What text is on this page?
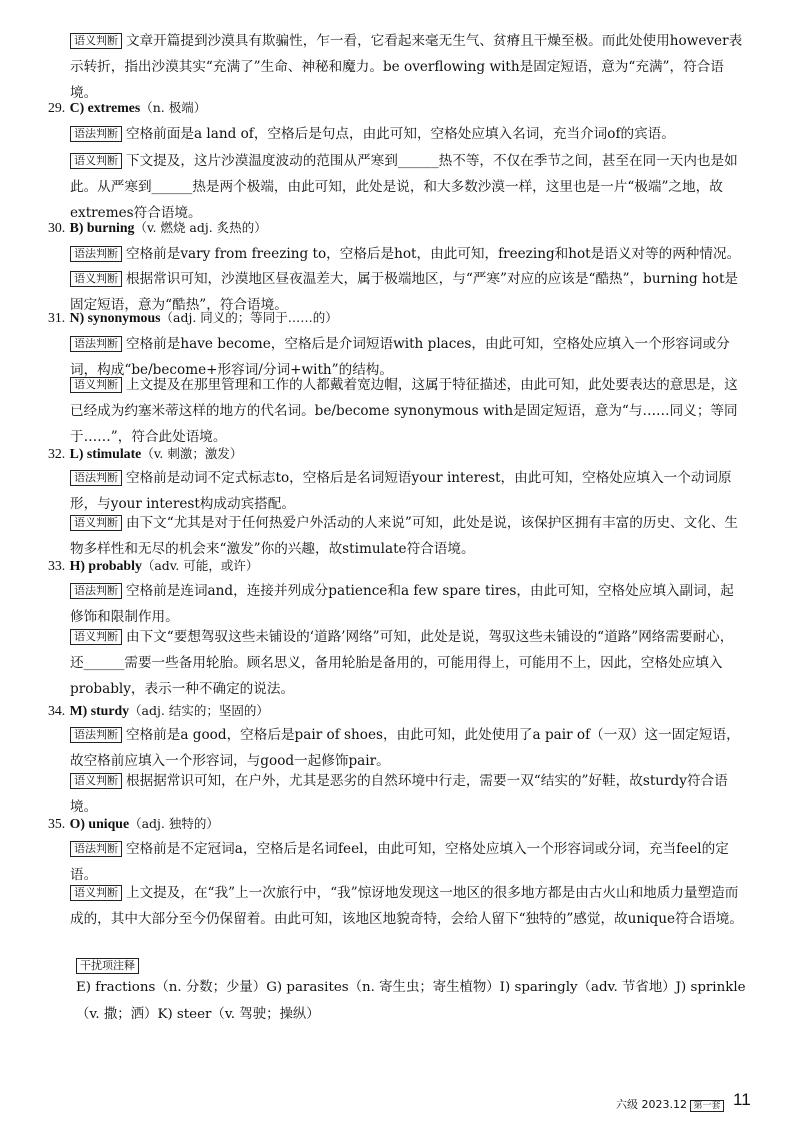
语义判断 文章开篇提到沙漠具有欺骗性，乍一看，它看起来毫无生气、贫瘠且干燥至极。而此处使用however表示转折，指出沙漠其实“充满了”生命、神秘和魔力。be overflowing with是固定短语，意为“充满”，符合语境。
29. C) extremes（n. 极端）
语法判断 空格前面是a land of，空格后是句点，由此可知，空格处应填入名词，充当介词of的宾语。
语义判断 下文提及，这片沙漠温度波动的范围从严寒到______热不等，不仅在季节之间，甚至在同一天内也是如此。从严寒到______热是两个极端，由此可知，此处是说，和大多数沙漠一样，这里也是一片“极端”之地，故extremes符合语境。
30. B) burning（v. 燃烧 adj. 炙热的）
语法判断 空格前是vary from freezing to，空格后是hot，由此可知，freezing和hot是语义对等的两种情况。
语义判断 根据常识可知，沙漠地区昼夜温差大，属于极端地区，与“严寒”对应的应该是“酷热”，burning hot是固定短语，意为“酷热”，符合语境。
31. N) synonymous（adj. 同义的；等同于……的）
语法判断 空格前是have become，空格后是介词短语with places，由此可知，空格处应填入一个形容词或分词，构成“be/become+形容词/分词+with”的结构。
语义判断 上文提及在那里管理和工作的人都戴着宽边帽，这属于特征描述，由此可知，此处要表达的意思是，这已经成为约塞米蒂这样的地方的代名词。be/become synonymous with是固定短语，意为“与……同义；等同于……”，符合此处语境。
32. L) stimulate（v. 刺激；激发）
语法判断 空格前是动词不定式标志to，空格后是名词短语your interest，由此可知，空格处应填入一个动词原形，与your interest构成动宾搭配。
语义判断 由下文“尤其是对于任何热爱户外活动的人来说”可知，此处是说，该保护区拥有丰富的历史、文化、生物多样性和无尽的机会来“激发”你的兴趣，故stimulate符合语境。
33. H) probably（adv. 可能，或许）
语法判断 空格前是连词and，连接并列成分patience和a few spare tires，由此可知，空格处应填入副词，起修饰和限制作用。
语义判断 由下文“要想驾驭这些未铺设的‘道路’网络”可知，此处是说，驾驭这些未铺设的“道路”网络需要耐心，还______需要一些备用轮胎。顾名思义，备用轮胎是备用的，可能用得上，可能用不上，因此，空格处应填入probably，表示一种不确定的说法。
34. M) sturdy（adj. 结实的；坚固的）
语法判断 空格前是a good，空格后是pair of shoes，由此可知，此处使用了a pair of（一双）这一固定短语，故空格前应填入一个形容词，与good一起修饰pair。
语义判断 根据据常识可知，在户外，尤其是恶劣的自然环境中行走，需要一双“结实的”好鞋，故sturdy符合语境。
35. O) unique（adj. 独特的）
语法判断 空格前是不定冠词a，空格后是名词feel，由此可知，空格处应填入一个形容词或分词，充当feel的定语。
语义判断 上文提及，在“我”上一次旅行中，“我”惊讶地发现这一地区的很多地方都是由古火山和地质力量塑造而成的，其中大部分至今仍保留着。由此可知，该地区地貌奇特，会给人留下“独特的”感觉，故unique符合语境。
干扰项注释
E) fractions（n. 分数；少量）G) parasites（n. 寄生虫；寄生植物）I) sparingly（adv. 节省地）J) sprinkle（v. 撒；洒）K) steer（v. 驾驶；操纵）
六级 2023.12 第一套 11
